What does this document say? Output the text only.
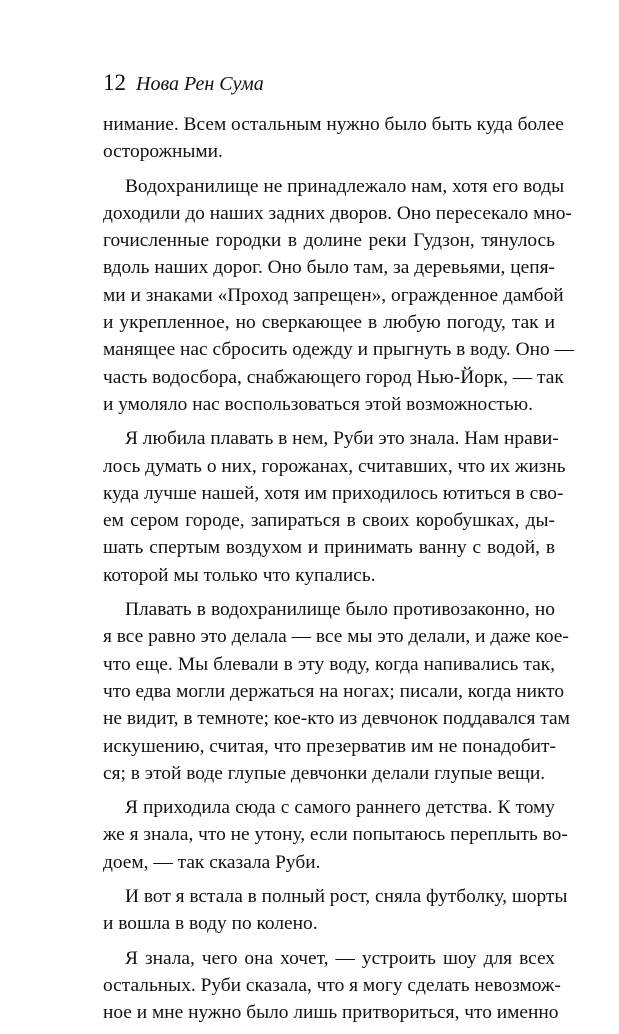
12 Нова Рен Сума
нимание. Всем остальным нужно было быть куда более
осторожными.
Водохранилище не принадлежало нам, хотя его воды
доходили до наших задних дворов. Оно пересекало мно-
гочисленные городки в долине реки Гудзон, тянулось
вдоль наших дорог. Оно было там, за деревьями, цепя-
ми и знаками «Проход запрещен», огражденное дамбой
и укрепленное, но сверкающее в любую погоду, так и
манящее нас сбросить одежду и прыгнуть в воду. Оно —
часть водосбора, снабжающего город Нью-Йорк, — так
и умоляло нас воспользоваться этой возможностью.
Я любила плавать в нем, Руби это знала. Нам нрави-
лось думать о них, горожанах, считавших, что их жизнь
куда лучше нашей, хотя им приходилось ютиться в сво-
ем сером городе, запираться в своих коробушках, ды-
шать спертым воздухом и принимать ванну с водой, в
которой мы только что купались.
Плавать в водохранилище было противозаконно, но
я все равно это делала — все мы это делали, и даже кое-
что еще. Мы блевали в эту воду, когда напивались так,
что едва могли держаться на ногах; писали, когда никто
не видит, в темноте; кое-кто из девчонок поддавался там
искушению, считая, что презерватив им не понадобит-
ся; в этой воде глупые девчонки делали глупые вещи.
Я приходила сюда с самого раннего детства. К тому
же я знала, что не утону, если попытаюсь переплыть во-
доем, — так сказала Руби.
И вот я встала в полный рост, сняла футболку, шорты
и вошла в воду по колено.
Я знала, чего она хочет, — устроить шоу для всех
остальных. Руби сказала, что я могу сделать невозмож-
ное и мне нужно было лишь притвориться, что именно
